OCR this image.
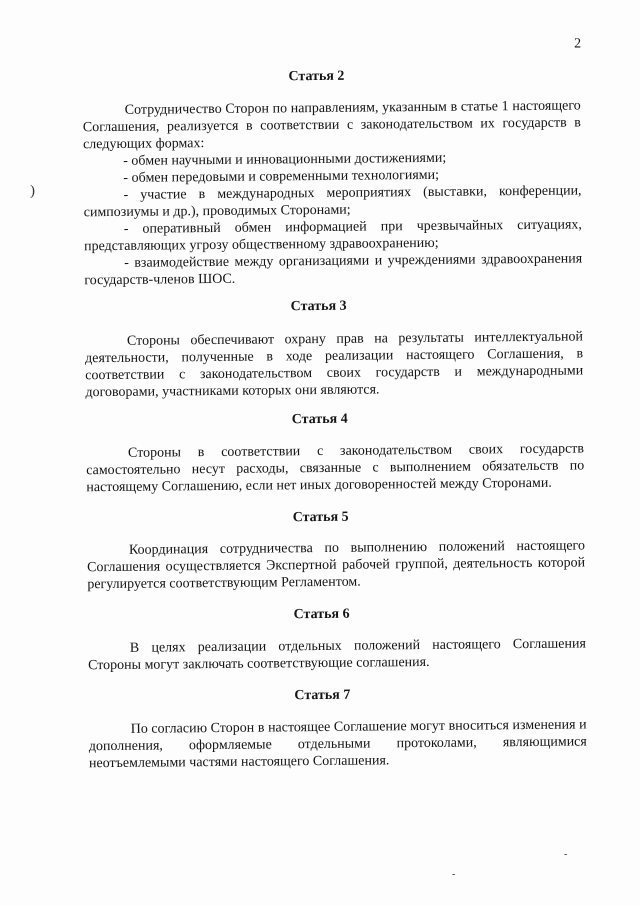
)
2
Статья 2
Сотрудничество Сторон по направлениям, указанным в статье 1 настоящего Соглашения, реализуется в соответствии с законодательством их государств в следующих формах:
- обмен научными и инновационными достижениями;
- обмен передовыми и современными технологиями;
- участие в международных мероприятиях (выставки, конференции, симпозиумы и др.), проводимых Сторонами;
- оперативный обмен информацией при чрезвычайных ситуациях, представляющих угрозу общественному здравоохранению;
- взаимодействие между организациями и учреждениями здравоохранения государств-членов ШОС.
Статья 3
Стороны обеспечивают охрану прав на результаты интеллектуальной деятельности, полученные в ходе реализации настоящего Соглашения, в соответствии с законодательством своих государств и международными договорами, участниками которых они являются.
Статья 4
Стороны в соответствии с законодательством своих государств самостоятельно несут расходы, связанные с выполнением обязательств по настоящему Соглашению, если нет иных договоренностей между Сторонами.
Статья 5
Координация сотрудничества по выполнению положений настоящего Соглашения осуществляется Экспертной рабочей группой, деятельность которой регулируется соответствующим Регламентом.
Статья 6
В целях реализации отдельных положений настоящего Соглашения Стороны могут заключать соответствующие соглашения.
Статья 7
По согласию Сторон в настоящее Соглашение могут вноситься изменения и дополнения, оформляемые отдельными протоколами, являющимися неотъемлемыми частями настоящего Соглашения.
-
-
